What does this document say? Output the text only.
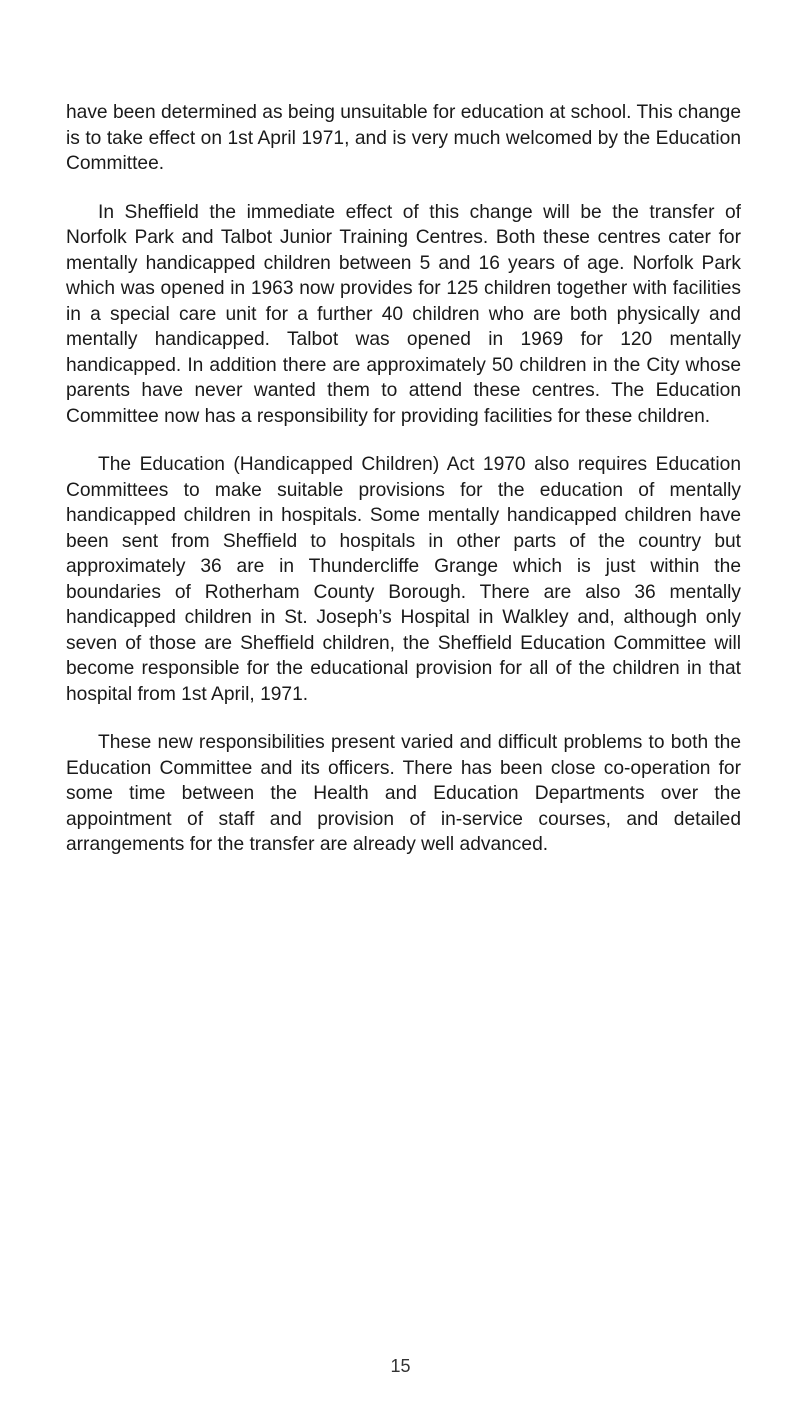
have been determined as being unsuitable for education at school. This change is to take effect on 1st April 1971, and is very much welcomed by the Education Committee.

In Sheffield the immediate effect of this change will be the transfer of Norfolk Park and Talbot Junior Training Centres. Both these centres cater for mentally handicapped children between 5 and 16 years of age. Norfolk Park which was opened in 1963 now provides for 125 children together with facilities in a special care unit for a further 40 children who are both physically and mentally handicapped. Talbot was opened in 1969 for 120 mentally handicapped. In addition there are approximately 50 children in the City whose parents have never wanted them to attend these centres. The Education Committee now has a responsibility for providing facilities for these children.

The Education (Handicapped Children) Act 1970 also requires Education Committees to make suitable provisions for the education of mentally handicapped children in hospitals. Some mentally handicapped children have been sent from Sheffield to hospitals in other parts of the country but approximately 36 are in Thundercliffe Grange which is just within the boundaries of Rotherham County Borough. There are also 36 mentally handicapped children in St. Joseph’s Hospital in Walkley and, although only seven of those are Sheffield children, the Sheffield Education Committee will become responsible for the educational provision for all of the children in that hospital from 1st April, 1971.

These new responsibilities present varied and difficult problems to both the Education Committee and its officers. There has been close co-operation for some time between the Health and Education Departments over the appointment of staff and provision of in-service courses, and detailed arrangements for the transfer are already well advanced.

15
